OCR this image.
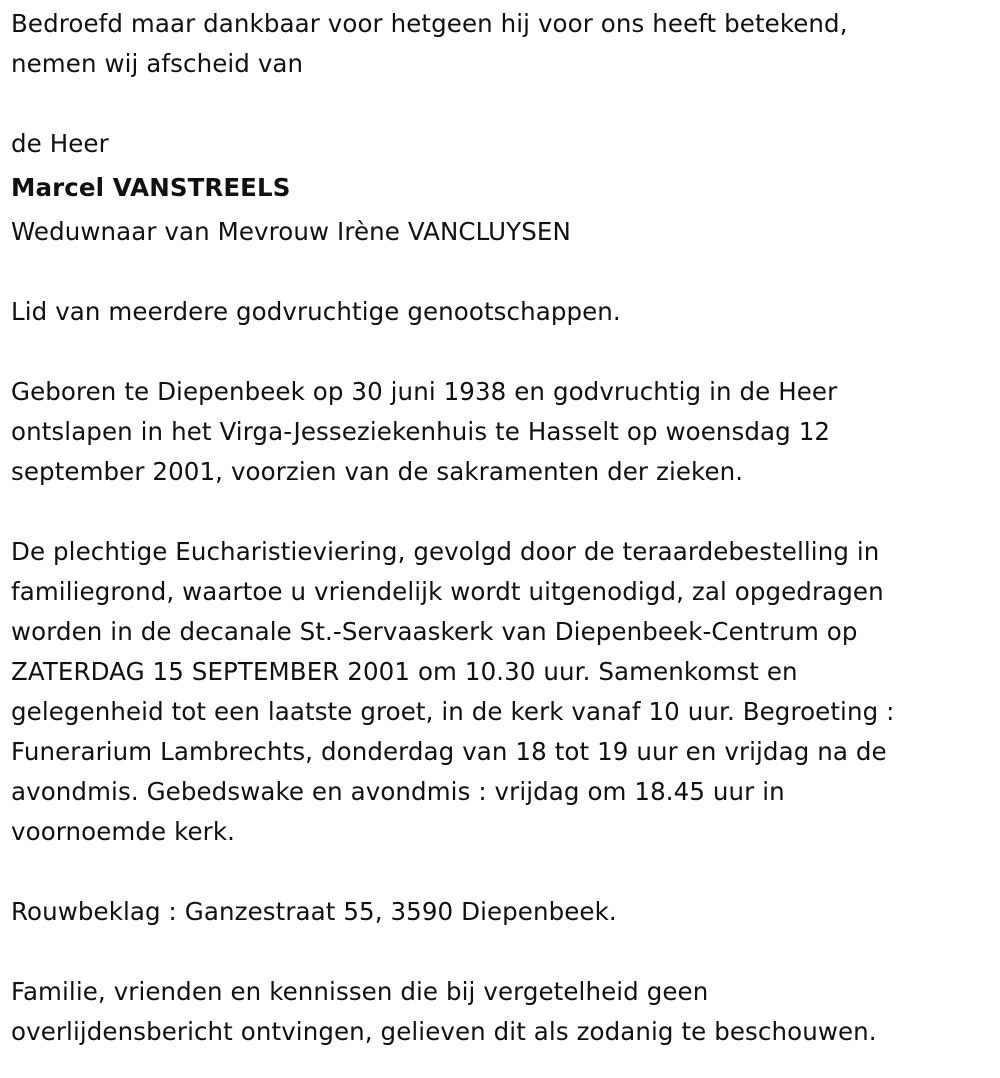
Bedroefd maar dankbaar voor hetgeen hij voor ons heeft betekend,
nemen wij afscheid van
de Heer
Marcel VANSTREELS
Weduwnaar van Mevrouw Irène VANCLUYSEN
Lid van meerdere godvruchtige genootschappen.
Geboren te Diepenbeek op 30 juni 1938 en godvruchtig in de Heer
ontslapen in het Virga-Jesseziekenhuis te Hasselt op woensdag 12
september 2001, voorzien van de sakramenten der zieken.
De plechtige Eucharistieviering, gevolgd door de teraardebestelling in
familiegrond, waartoe u vriendelijk wordt uitgenodigd, zal opgedragen
worden in de decanale St.-Servaaskerk van Diepenbeek-Centrum op
ZATERDAG 15 SEPTEMBER 2001 om 10.30 uur. Samenkomst en
gelegenheid tot een laatste groet, in de kerk vanaf 10 uur. Begroeting :
Funerarium Lambrechts, donderdag van 18 tot 19 uur en vrijdag na de
avondmis. Gebedswake en avondmis : vrijdag om 18.45 uur in
voornoemde kerk.
Rouwbeklag : Ganzestraat 55, 3590 Diepenbeek.
Familie, vrienden en kennissen die bij vergetelheid geen
overlijdensbericht ontvingen, gelieven dit als zodanig te beschouwen.
